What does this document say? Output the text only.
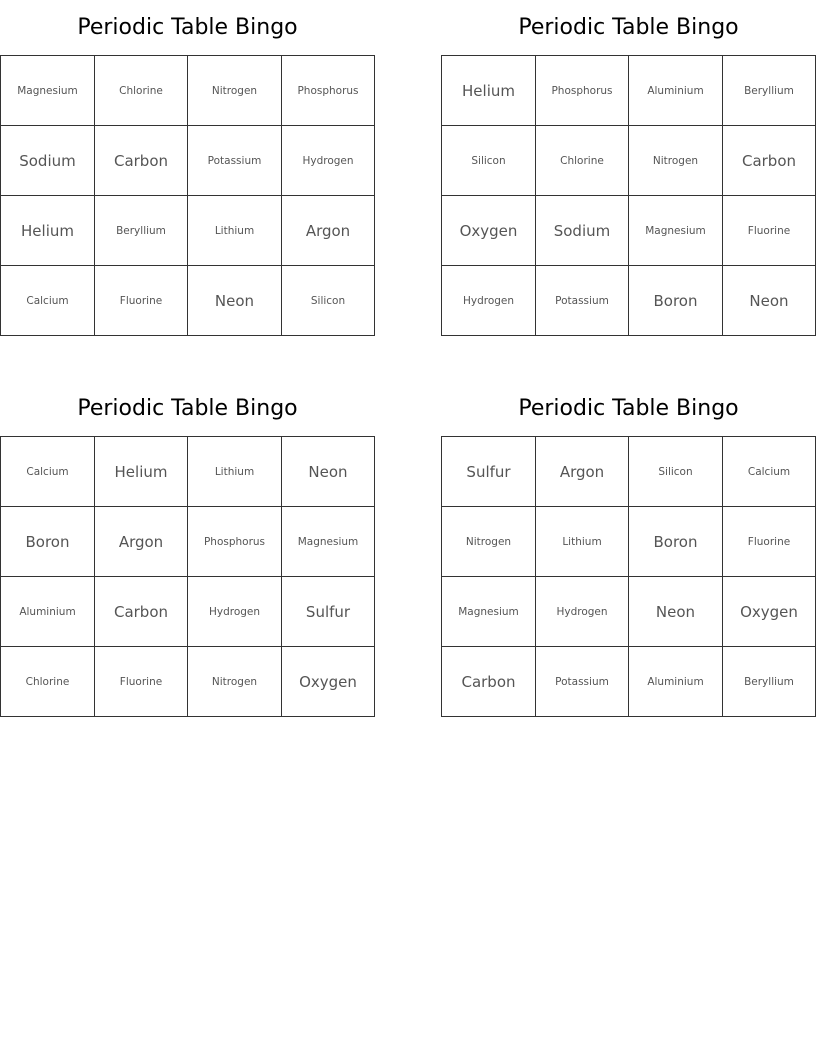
Periodic Table Bingo
Magnesium	Chlorine	Nitrogen	Phosphorus
Sodium	Carbon	Potassium	Hydrogen
Helium	Beryllium	Lithium	Argon
Calcium	Fluorine	Neon	Silicon
Periodic Table Bingo
Helium	Phosphorus	Aluminium	Beryllium
Silicon	Chlorine	Nitrogen	Carbon
Oxygen	Sodium	Magnesium	Fluorine
Hydrogen	Potassium	Boron	Neon
Periodic Table Bingo
Calcium	Helium	Lithium	Neon
Boron	Argon	Phosphorus	Magnesium
Aluminium	Carbon	Hydrogen	Sulfur
Chlorine	Fluorine	Nitrogen	Oxygen
Periodic Table Bingo
Sulfur	Argon	Silicon	Calcium
Nitrogen	Lithium	Boron	Fluorine
Magnesium	Hydrogen	Neon	Oxygen
Carbon	Potassium	Aluminium	Beryllium
